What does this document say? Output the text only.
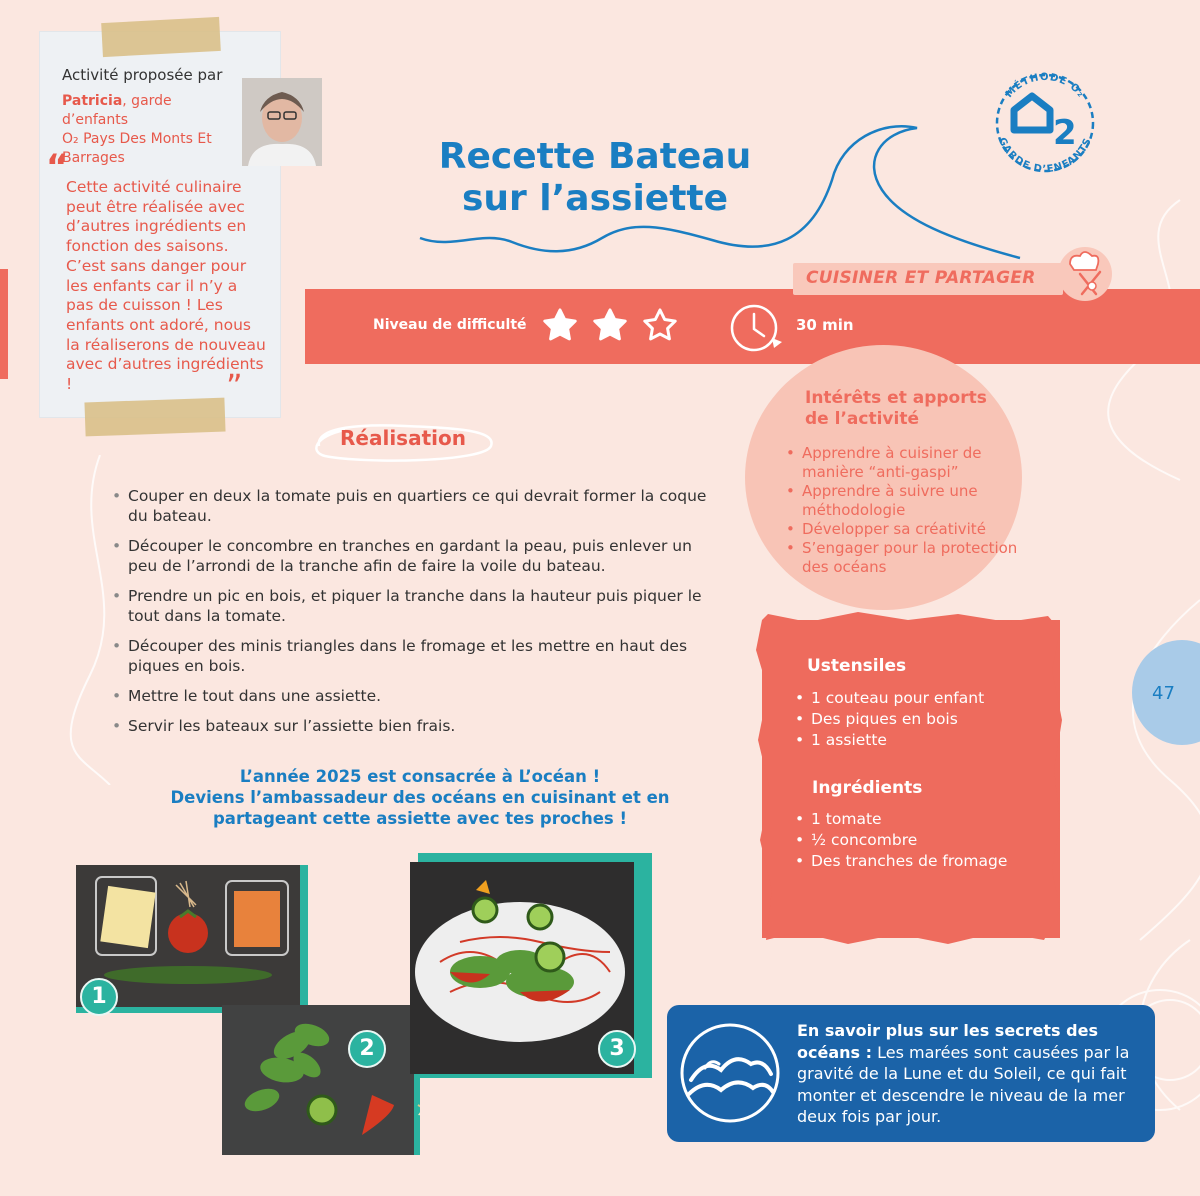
Activité proposée par
Patricia, garde d’enfants
O₂ Pays Des Monts Et Barrages
“
Cette activité culinaire peut être réalisée avec d’autres ingrédients en fonction des saisons. C’est sans danger pour les enfants car il n’y a pas de cuisson ! Les enfants ont adoré, nous la réaliserons de nouveau avec d’autres ingrédients !	”
Recette Bateau
sur l’assiette
2
MÉTHODE O₂
GARDE D’ENFANTS
CUISINER ET PARTAGER
Niveau de difficulté	30 min
Réalisation
• Couper en deux la tomate puis en quartiers ce qui devrait former la coque du bateau.
• Découper le concombre en tranches en gardant la peau, puis enlever un peu de l’arrondi de la tranche afin de faire la voile du bateau.
• Prendre un pic en bois, et piquer la tranche dans la hauteur puis piquer le tout dans la tomate.
• Découper des minis triangles dans le fromage et les mettre en haut des piques en bois.
• Mettre le tout dans une assiette.
• Servir les bateaux sur l’assiette bien frais.
L’année 2025 est consacrée à L’océan !
Deviens l’ambassadeur des océans en cuisinant et en
partageant cette assiette avec tes proches !
Intérêts et apports
de l’activité
• Apprendre à cuisiner de manière “anti-gaspi”
• Apprendre à suivre une méthodologie
• Développer sa créativité
• S’engager pour la protection des océans
Ustensiles
• 1 couteau pour enfant
• Des piques en bois
• 1 assiette
Ingrédients
• 1 tomate
• ½ concombre
• Des tranches de fromage
47
1
2	3
En savoir plus sur les secrets des océans : Les marées sont causées par la gravité de la Lune et du Soleil, ce qui fait monter et descendre le niveau de la mer deux fois par jour.
